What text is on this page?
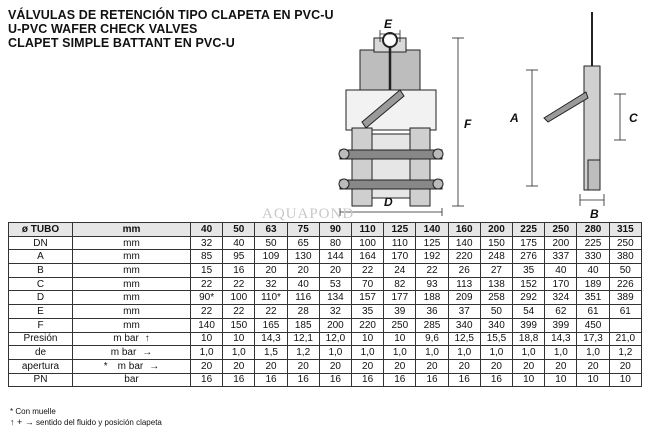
VÁLVULAS DE RETENCIÓN TIPO CLAPETA EN PVC-U
U-PVC WAFER CHECK VALVES
CLAPET SIMPLE BATTANT EN PVC-U
E
F
D
A	C
B
AQUAPOND
ø TUBO	mm	40	50	63	75	90	110	125	140	160	200	225	250	280	315
DN	mm	32	40	50	65	80	100	110	125	140	150	175	200	225	250
A	mm	85	95	109	130	144	164	170	192	220	248	276	337	330	380
B	mm	15	16	20	20	20	22	24	22	26	27	35	40	40	50
C	mm	22	22	32	40	53	70	82	93	113	138	152	170	189	226
D	mm	90*	100	110*	116	134	157	177	188	209	258	292	324	351	389
E	mm	22	22	22	28	32	35	39	36	37	50	54	62	61	61
F	mm	140	150	165	185	200	220	250	285	340	340	399	399	450	
Presión	m bar ↑	10	10	14,3	12,1	12,0	10	10	9,6	12,5	15,5	18,8	14,3	17,3	21,0
de	m bar →	1,0	1,0	1,5	1,2	1,0	1,0	1,0	1,0	1,0	1,0	1,0	1,0	1,0	1,2
apertura	* m bar →	20	20	20	20	20	20	20	20	20	20	20	20	20	20
PN	bar	16	16	16	16	16	16	16	16	16	16	10	10	10	10
* Con muelle
↑ + → sentido del fluido y posición clapeta
